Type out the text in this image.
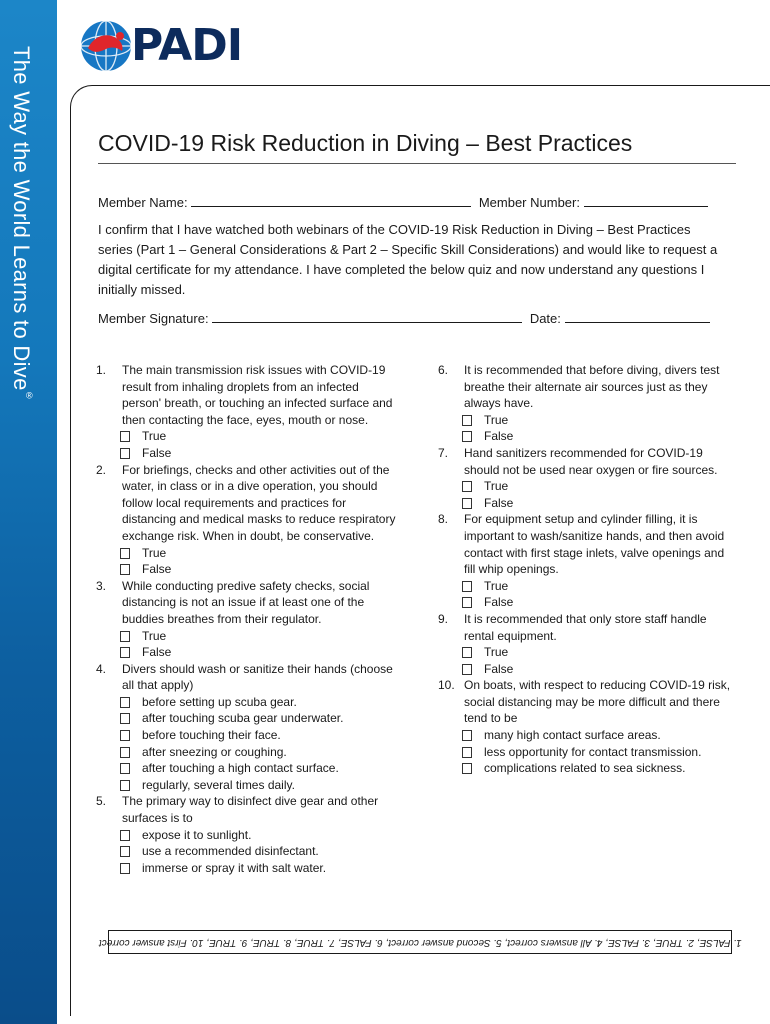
The Way the World Learns to Dive®
PADI
COVID-19 Risk Reduction in Diving – Best Practices
Member Name:	Member Number:
I confirm that I have watched both webinars of the COVID-19 Risk Reduction in Diving – Best Practices series (Part 1 – General Considerations & Part 2 – Specific Skill Considerations) and would like to request a digital certificate for my attendance. I have completed the below quiz and now understand any questions I initially missed.
Member Signature:	Date:
1. The main transmission risk issues with COVID-19 result from inhaling droplets from an infected person' breath, or touching an infected surface and then contacting the face, eyes, mouth or nose.
True
False
2. For briefings, checks and other activities out of the water, in class or in a dive operation, you should follow local requirements and practices for distancing and medical masks to reduce respiratory exchange risk. When in doubt, be conservative.
True
False
3. While conducting predive safety checks, social distancing is not an issue if at least one of the buddies breathes from their regulator.
True
False
4. Divers should wash or sanitize their hands (choose all that apply)
before setting up scuba gear.
after touching scuba gear underwater.
before touching their face.
after sneezing or coughing.
after touching a high contact surface.
regularly, several times daily.
5. The primary way to disinfect dive gear and other surfaces is to
expose it to sunlight.
use a recommended disinfectant.
immerse or spray it with salt water.
6. It is recommended that before diving, divers test breathe their alternate air sources just as they always have.
True
False
7. Hand sanitizers recommended for COVID-19 should not be used near oxygen or fire sources.
True
False
8. For equipment setup and cylinder filling, it is important to wash/sanitize hands, and then avoid contact with first stage inlets, valve openings and fill whip openings.
True
False
9. It is recommended that only store staff handle rental equipment.
True
False
10. On boats, with respect to reducing COVID-19 risk, social distancing may be more difficult and there tend to be
many high contact surface areas.
less opportunity for contact transmission.
complications related to sea sickness.
1. FALSE, 2. TRUE, 3. FALSE, 4. All answers correct, 5. Second answer correct, 6. FALSE, 7. TRUE, 8. TRUE, 9. TRUE, 10. First answer correct
